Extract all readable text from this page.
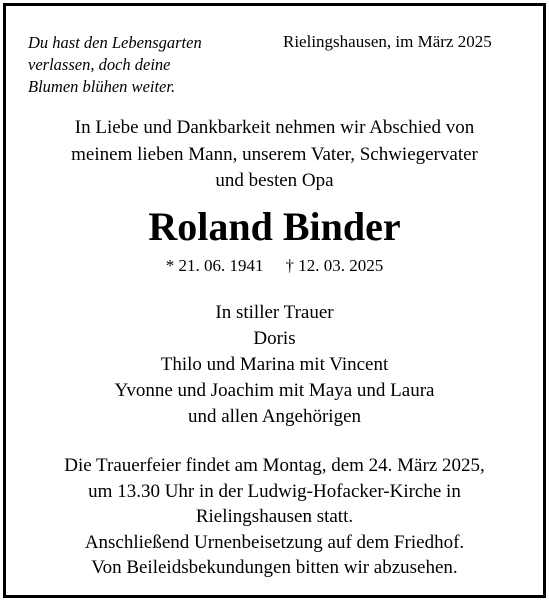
Du hast den Lebensgarten
verlassen, doch deine
Blumen blühen weiter.
Rielingshausen, im März 2025
In Liebe und Dankbarkeit nehmen wir Abschied von
meinem lieben Mann, unserem Vater, Schwiegervater
und besten Opa
Roland Binder
* 21. 06. 1941 † 12. 03. 2025
In stiller Trauer
Doris
Thilo und Marina mit Vincent
Yvonne und Joachim mit Maya und Laura
und allen Angehörigen
Die Trauerfeier findet am Montag, dem 24. März 2025,
um 13.30 Uhr in der Ludwig-Hofacker-Kirche in
Rielingshausen statt.
Anschließend Urnenbeisetzung auf dem Friedhof.
Von Beileidsbekundungen bitten wir abzusehen.
